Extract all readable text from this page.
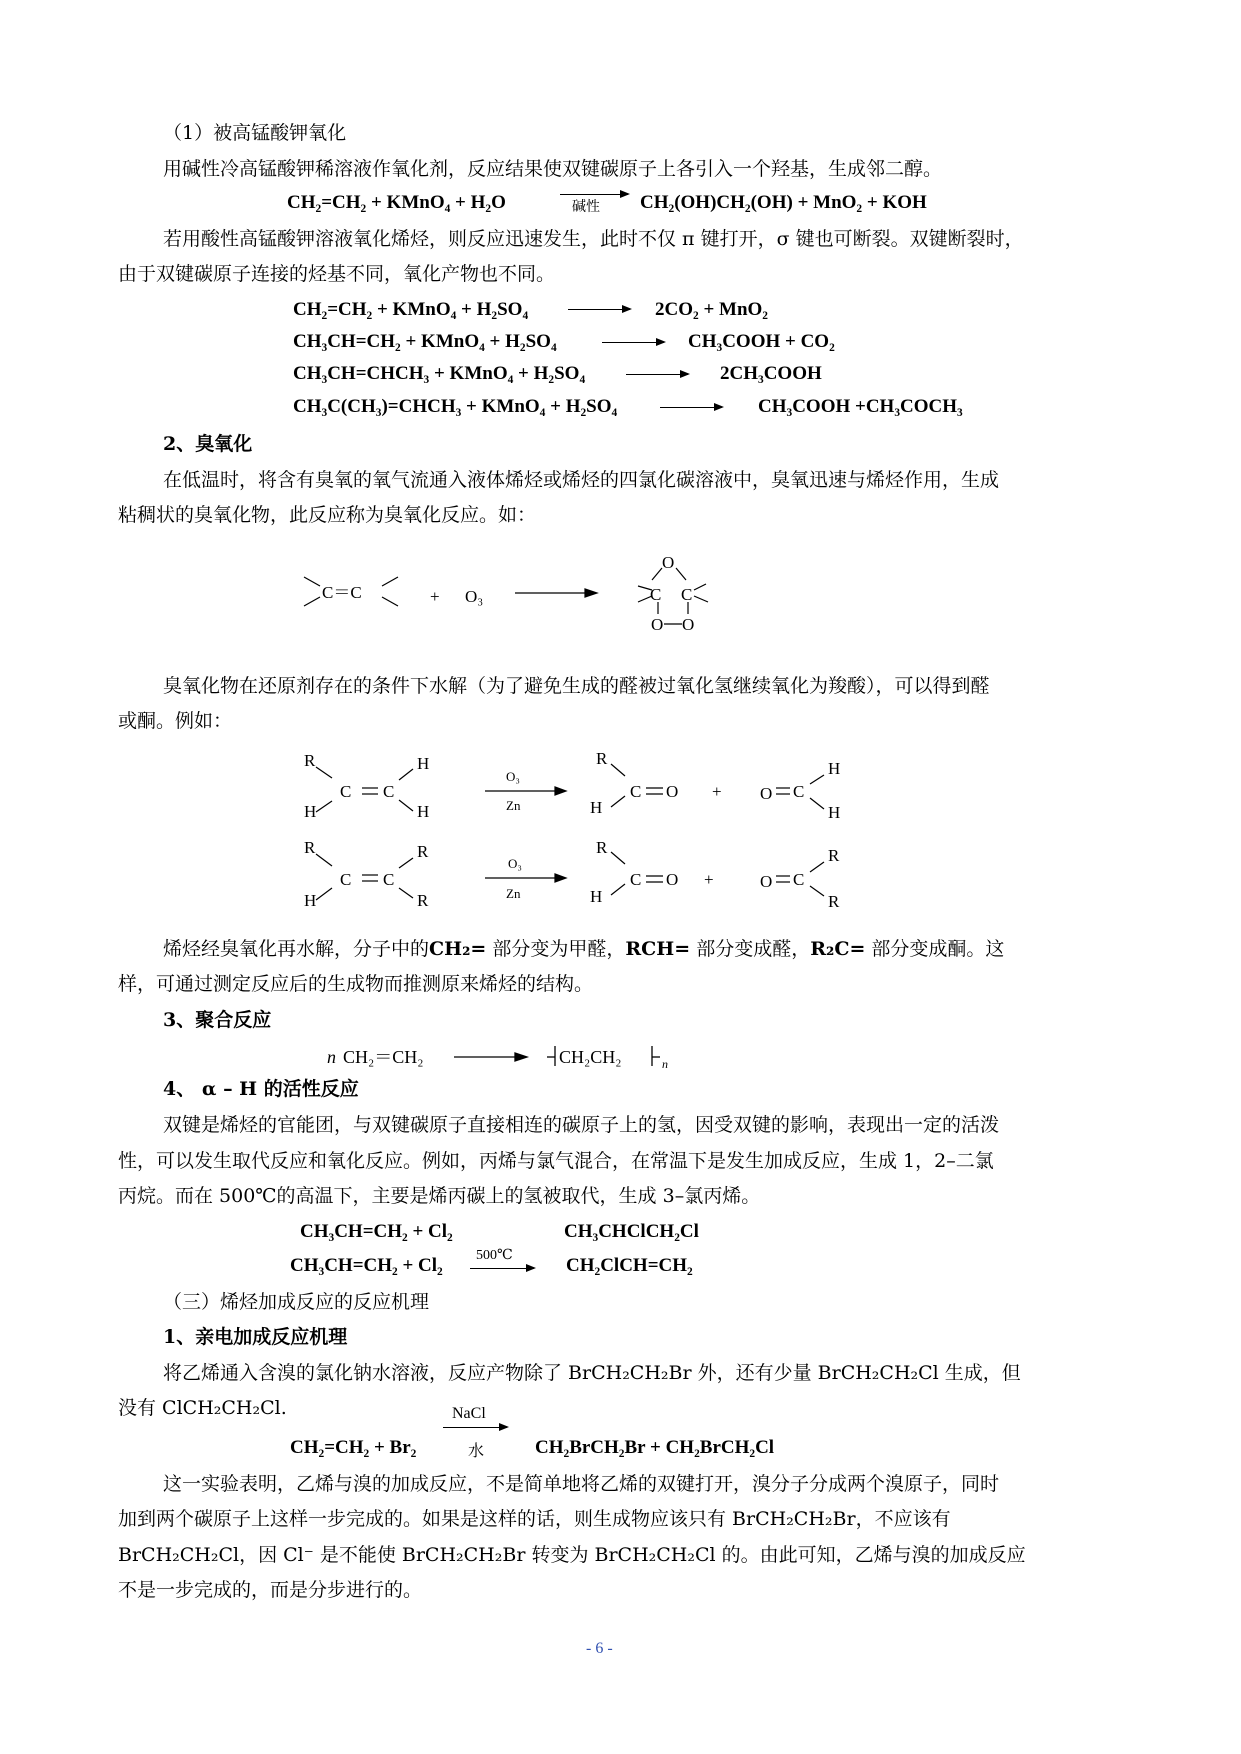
（1）被高锰酸钾氧化
用碱性冷高锰酸钾稀溶液作氧化剂，反应结果使双键碳原子上各引入一个羟基，生成邻二醇。
CH₂=CH₂ + KMnO₄ + H₂O	碱性 CH₂(OH)CH₂(OH) + MnO₂ + KOH
若用酸性高锰酸钾溶液氧化烯烃，则反应迅速发生，此时不仅 π 键打开，σ 键也可断裂。双键断裂时，
由于双键碳原子连接的烃基不同，氧化产物也不同。
CH₂=CH₂ + KMnO₄ + H₂SO₄	2CO₂ + MnO₂
CH₃CH=CH₂ + KMnO₄ + H₂SO₄	→ CH₃COOH + CO₂
CH₃CH=CHCH₃ + KMnO₄ + H₂SO₄	2CH₃COOH
CH₃C(CH₃)=CHCH₃ + KMnO₄ + H₂SO₄	CH₃COOH +CH₃COCH₃
2、臭氧化
在低温时，将含有臭氧的氧气流通入液体烯烃或烯烃的四氯化碳溶液中，臭氧迅速与烯烃作用，生成
粘稠状的臭氧化物，此反应称为臭氧化反应。如：
C＝C	+ O₃
O
C C
O O
臭氧化物在还原剂存在的条件下水解（为了避免生成的醛被过氧化氢继续氧化为羧酸），可以得到醛
或酮。例如：
R
H
C C
H
H
O₃
Zn
R
H
C O + O C
H
H
R
H
C C
R
R
O₃
Zn
R
H
C O +	O C
R
R
烯烃经臭氧化再水解，分子中的CH₂= 部分变为甲醛，RCH= 部分变成醛，R₂C= 部分变成酮。这
样，可通过测定反应后的生成物而推测原来烯烃的结构。
3、聚合反应
n CH₂＝CH₂	CH₂CH₂	n
4、 α – H 的活性反应
双键是烯烃的官能团，与双键碳原子直接相连的碳原子上的氢，因受双键的影响，表现出一定的活泼
性，可以发生取代反应和氧化反应。例如，丙烯与氯气混合，在常温下是发生加成反应，生成 1，2–二氯
丙烷。而在 500℃的高温下，主要是烯丙碳上的氢被取代，生成 3–氯丙烯。
CH₃CH=CH₂ + Cl₂	CH₃CHClCH₂Cl
CH₃CH=CH₂ + Cl₂ 500℃	CH₂ClCH=CH₂
（三）烯烃加成反应的反应机理
1、亲电加成反应机理
将乙烯通入含溴的氯化钠水溶液，反应产物除了 BrCH₂CH₂Br 外，还有少量 BrCH₂CH₂Cl 生成，但
没有 ClCH₂CH₂Cl.	NaCl
CH₂=CH₂ + Br₂	水	CH₂BrCH₂Br + CH₂BrCH₂Cl
这一实验表明，乙烯与溴的加成反应，不是简单地将乙烯的双键打开，溴分子分成两个溴原子，同时
加到两个碳原子上这样一步完成的。如果是这样的话，则生成物应该只有 BrCH₂CH₂Br，不应该有
BrCH₂CH₂Cl，因 Cl⁻ 是不能使 BrCH₂CH₂Br 转变为 BrCH₂CH₂Cl 的。由此可知，乙烯与溴的加成反应
不是一步完成的，而是分步进行的。
- 6 -
